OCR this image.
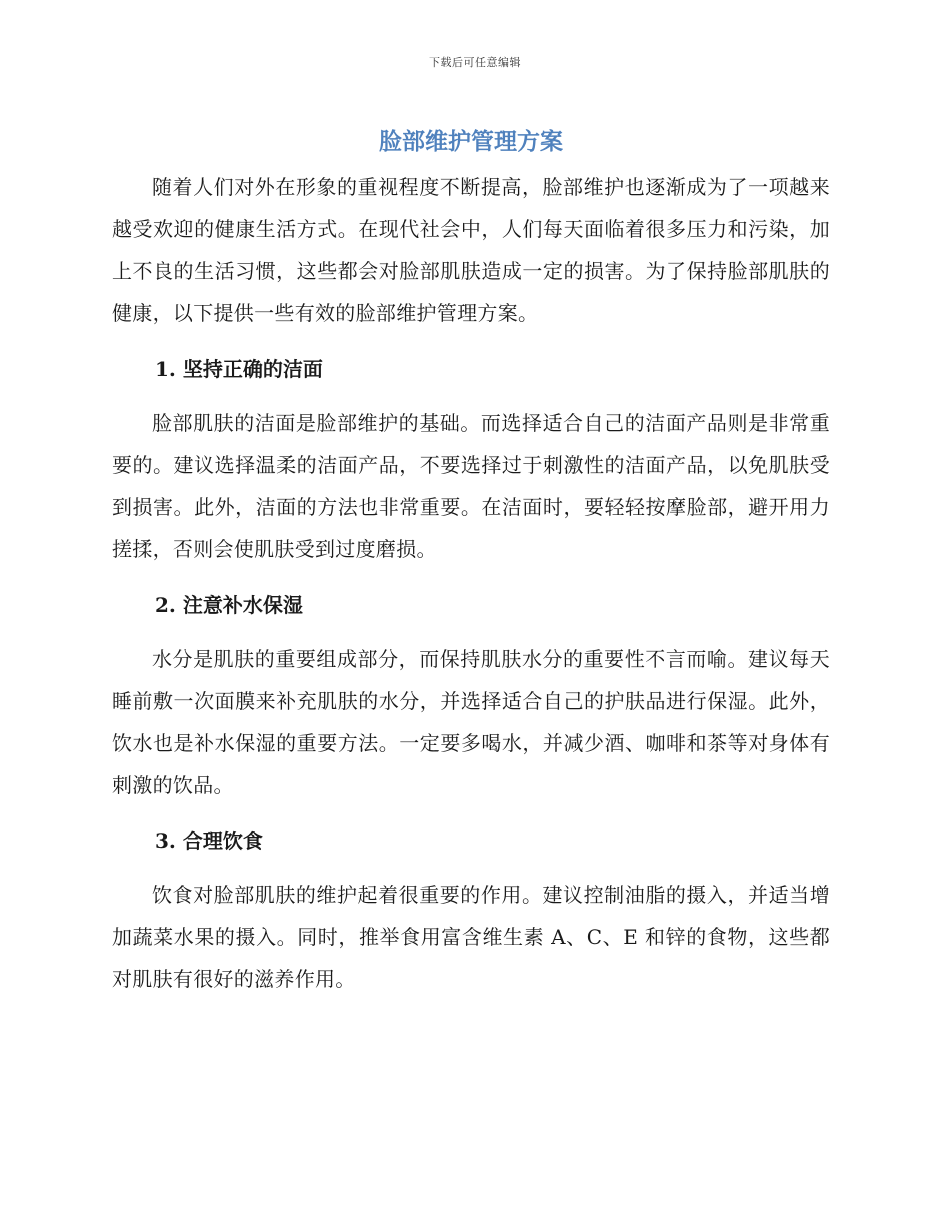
下载后可任意编辑
脸部维护管理方案

随着人们对外在形象的重视程度不断提高，脸部维护也逐渐成为了一项越来越受欢迎的健康生活方式。在现代社会中，人们每天面临着很多压力和污染，加上不良的生活习惯，这些都会对脸部肌肤造成一定的损害。为了保持脸部肌肤的健康，以下提供一些有效的脸部维护管理方案。

1. 坚持正确的洁面

脸部肌肤的洁面是脸部维护的基础。而选择适合自己的洁面产品则是非常重要的。建议选择温柔的洁面产品，不要选择过于刺激性的洁面产品，以免肌肤受到损害。此外，洁面的方法也非常重要。在洁面时，要轻轻按摩脸部，避开用力搓揉，否则会使肌肤受到过度磨损。

2. 注意补水保湿

水分是肌肤的重要组成部分，而保持肌肤水分的重要性不言而喻。建议每天睡前敷一次面膜来补充肌肤的水分，并选择适合自己的护肤品进行保湿。此外，饮水也是补水保湿的重要方法。一定要多喝水，并减少酒、咖啡和茶等对身体有刺激的饮品。

3. 合理饮食

饮食对脸部肌肤的维护起着很重要的作用。建议控制油脂的摄入，并适当增加蔬菜水果的摄入。同时，推举食用富含维生素 A、C、E 和锌的食物，这些都对肌肤有很好的滋养作用。
